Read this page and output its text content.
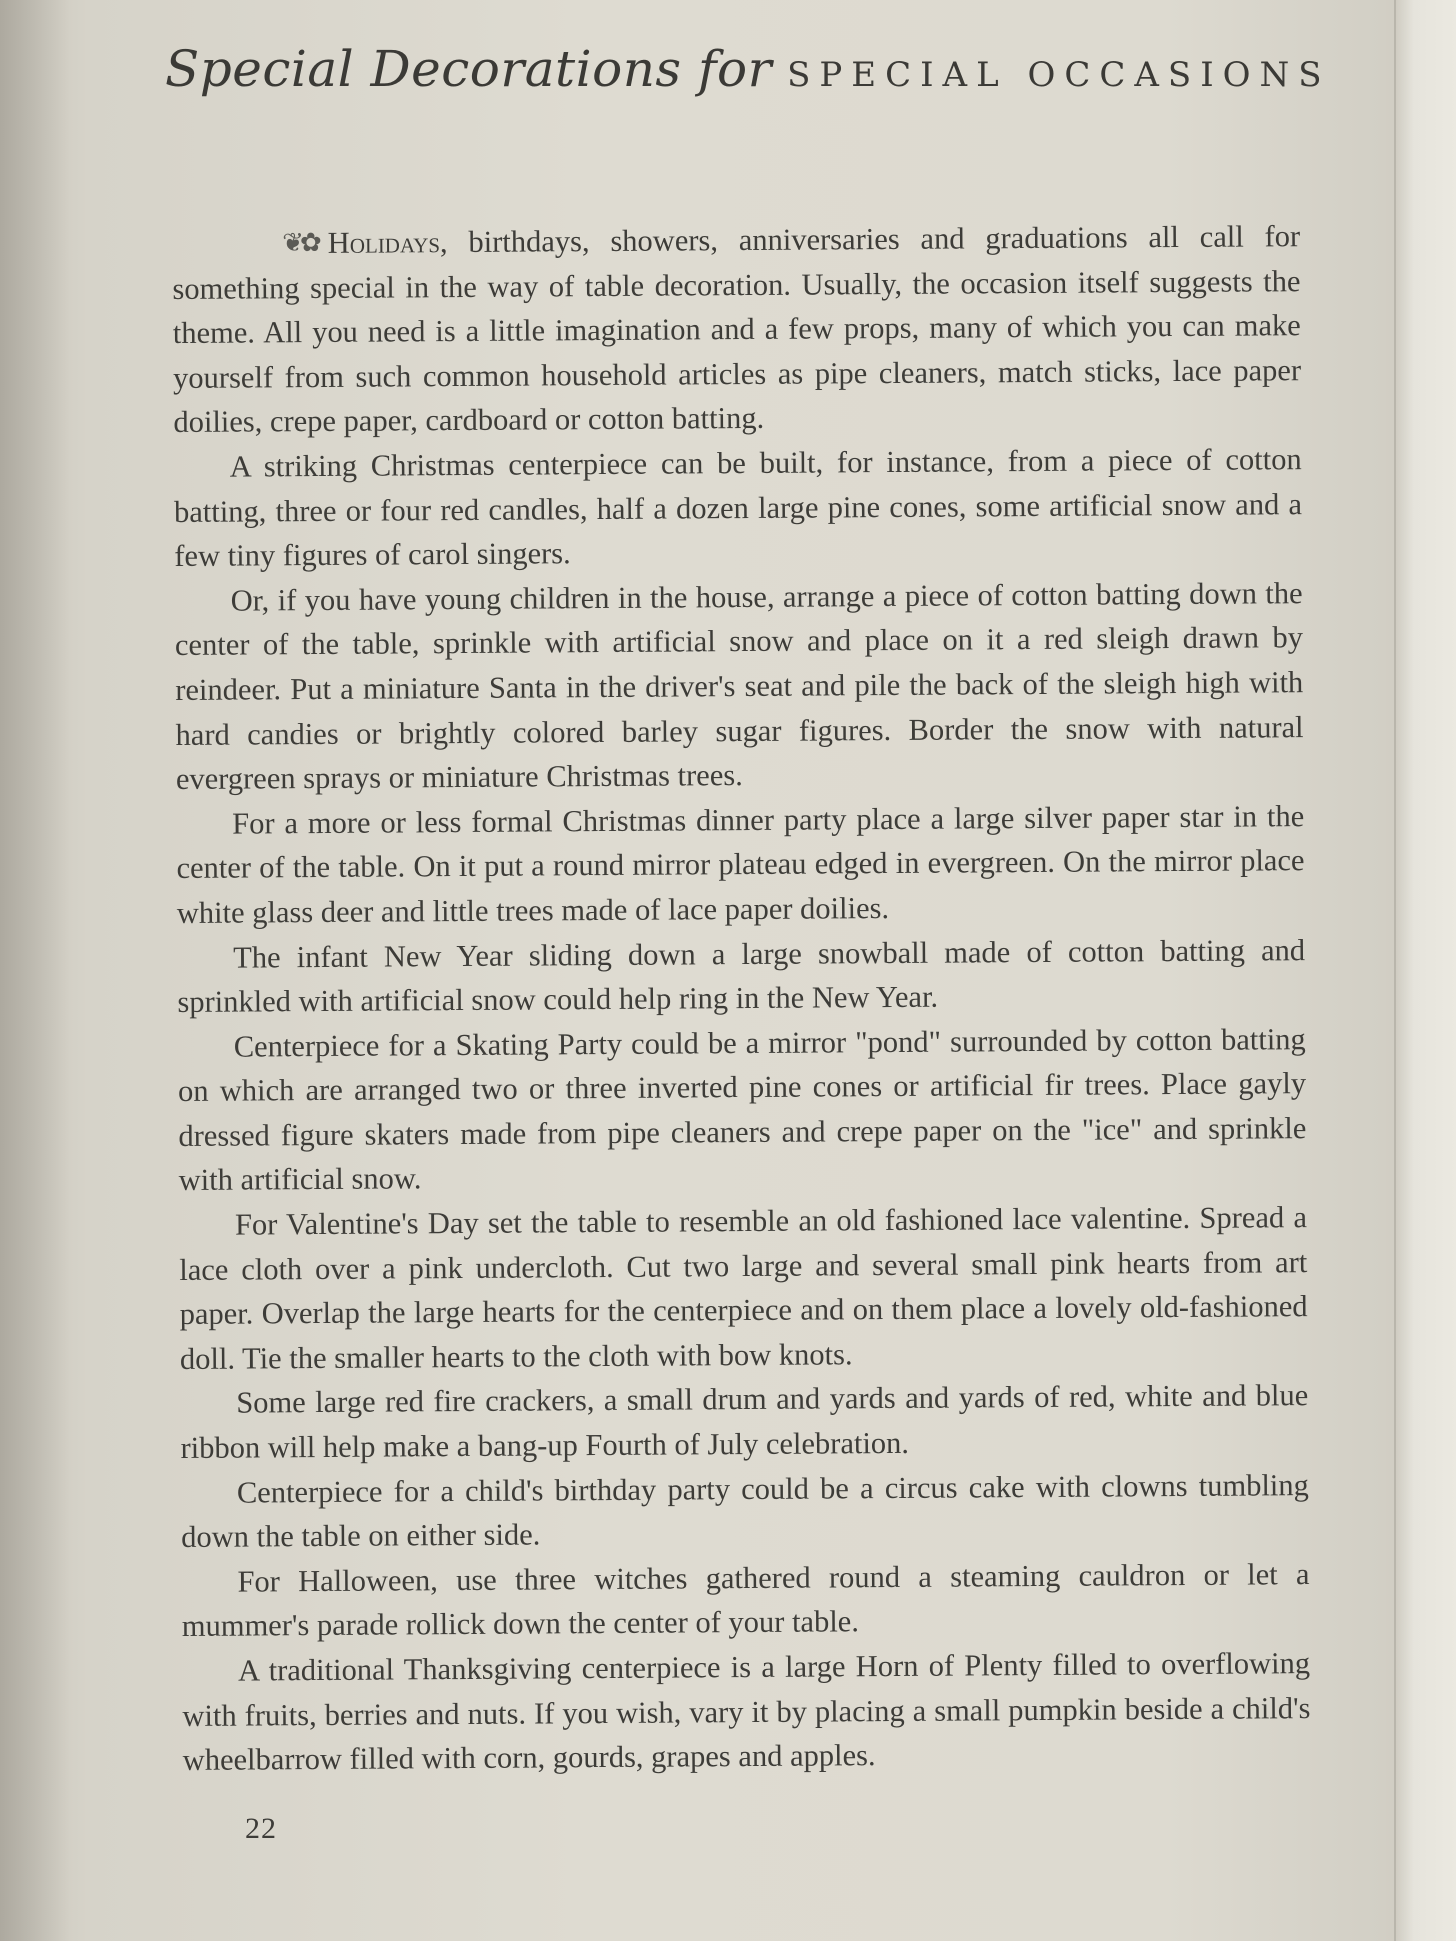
Special Decorations for SPECIAL OCCASIONS

❦✿ Holidays, birthdays, showers, anniversaries and graduations all call for something special in the way of table decoration. Usually, the occasion itself suggests the theme. All you need is a little imagination and a few props, many of which you can make yourself from such common household articles as pipe cleaners, match sticks, lace paper doilies, crepe paper, cardboard or cotton batting.

A striking Christmas centerpiece can be built, for instance, from a piece of cotton batting, three or four red candles, half a dozen large pine cones, some artificial snow and a few tiny figures of carol singers.

Or, if you have young children in the house, arrange a piece of cotton batting down the center of the table, sprinkle with artificial snow and place on it a red sleigh drawn by reindeer. Put a miniature Santa in the driver's seat and pile the back of the sleigh high with hard candies or brightly colored barley sugar figures. Border the snow with natural evergreen sprays or miniature Christmas trees.

For a more or less formal Christmas dinner party place a large silver paper star in the center of the table. On it put a round mirror plateau edged in evergreen. On the mirror place white glass deer and little trees made of lace paper doilies.

The infant New Year sliding down a large snowball made of cotton batting and sprinkled with artificial snow could help ring in the New Year.

Centerpiece for a Skating Party could be a mirror "pond" surrounded by cotton batting on which are arranged two or three inverted pine cones or artificial fir trees. Place gayly dressed figure skaters made from pipe cleaners and crepe paper on the "ice" and sprinkle with artificial snow.

For Valentine's Day set the table to resemble an old fashioned lace valentine. Spread a lace cloth over a pink undercloth. Cut two large and several small pink hearts from art paper. Overlap the large hearts for the centerpiece and on them place a lovely old-fashioned doll. Tie the smaller hearts to the cloth with bow knots.

Some large red fire crackers, a small drum and yards and yards of red, white and blue ribbon will help make a bang-up Fourth of July celebration.

Centerpiece for a child's birthday party could be a circus cake with clowns tumbling down the table on either side.

For Halloween, use three witches gathered round a steaming cauldron or let a mummer's parade rollick down the center of your table.

A traditional Thanksgiving centerpiece is a large Horn of Plenty filled to overflowing with fruits, berries and nuts. If you wish, vary it by placing a small pumpkin beside a child's wheelbarrow filled with corn, gourds, grapes and apples.

22
